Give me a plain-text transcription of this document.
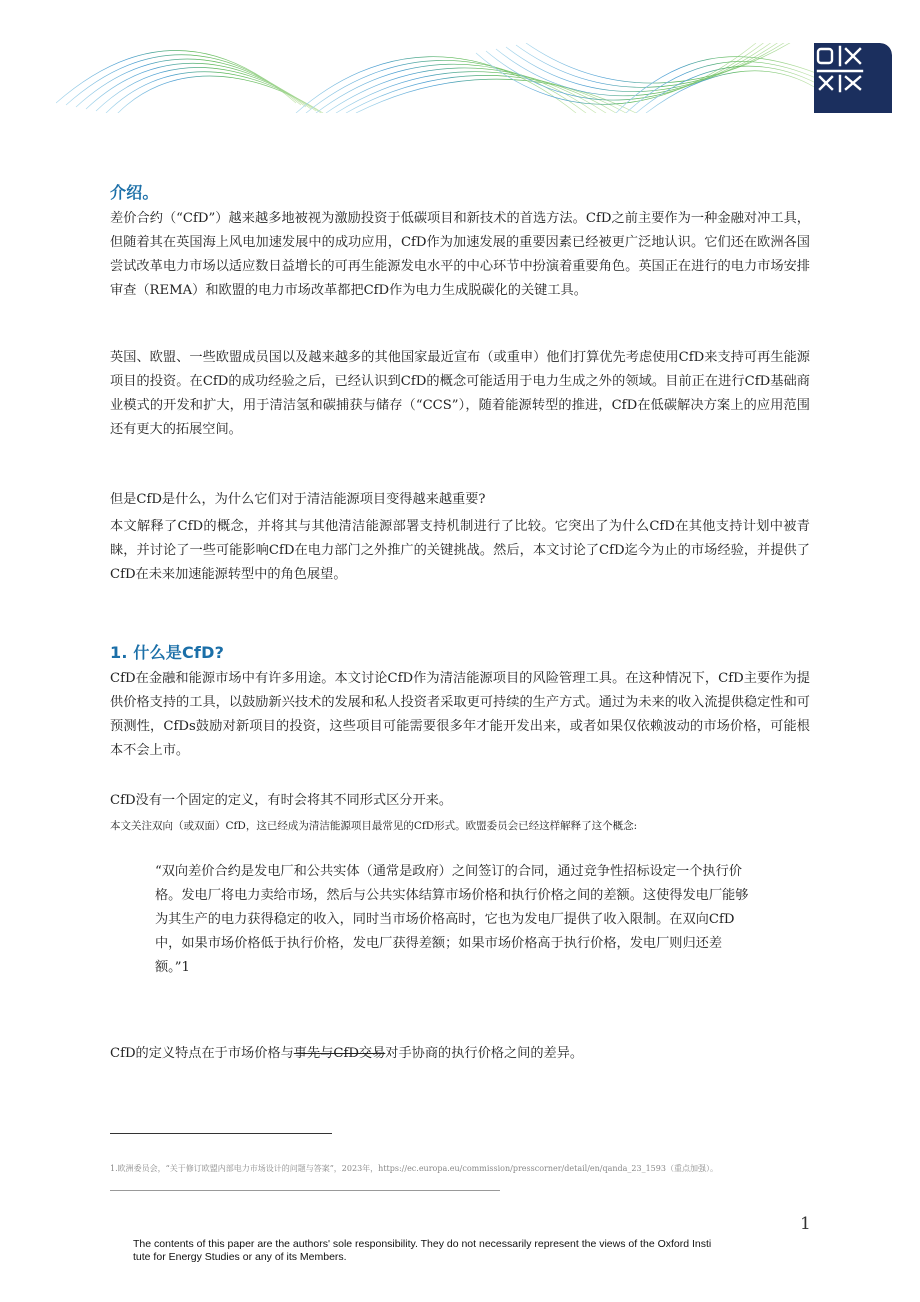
介绍。

差价合约（“CfD”）越来越多地被视为激励投资于低碳项目和新技术的首选方法。CfD之前主要作为一种金融对冲工具，但随着其在英国海上风电加速发展中的成功应用，CfD作为加速发展的重要因素已经被更广泛地认识。它们还在欧洲各国尝试改革电力市场以适应数日益增长的可再生能源发电水平的中心环节中扮演着重要角色。英国正在进行的电力市场安排审查（REMA）和欧盟的电力市场改革都把CfD作为电力生成脱碳化的关键工具。

英国、欧盟、一些欧盟成员国以及越来越多的其他国家最近宣布（或重申）他们打算优先考虑使用CfD来支持可再生能源项目的投资。在CfD的成功经验之后，已经认识到CfD的概念可能适用于电力生成之外的领域。目前正在进行CfD基础商业模式的开发和扩大，用于清洁氢和碳捕获与储存（“CCS”），随着能源转型的推进，CfD在低碳解决方案上的应用范围还有更大的拓展空间。

但是CfD是什么，为什么它们对于清洁能源项目变得越来越重要?

本文解释了CfD的概念，并将其与其他清洁能源部署支持机制进行了比较。它突出了为什么CfD在其他支持计划中被青睐，并讨论了一些可能影响CfD在电力部门之外推广的关键挑战。然后，本文讨论了CfD迄今为止的市场经验，并提供了CfD在未来加速能源转型中的角色展望。

1. 什么是CfD?

CfD在金融和能源市场中有许多用途。本文讨论CfD作为清洁能源项目的风险管理工具。在这种情况下，CfD主要作为提供价格支持的工具，以鼓励新兴技术的发展和私人投资者采取更可持续的生产方式。通过为未来的收入流提供稳定性和可预测性，CfDs鼓励对新项目的投资，这些项目可能需要很多年才能开发出来，或者如果仅依赖波动的市场价格，可能根本不会上市。

CfD没有一个固定的定义，有时会将其不同形式区分开来。

本文关注双向（或双面）CfD，这已经成为清洁能源项目最常见的CfD形式。欧盟委员会已经这样解释了这个概念:

“双向差价合约是发电厂和公共实体（通常是政府）之间签订的合同，通过竞争性招标设定一个执行价格。发电厂将电力卖给市场，然后与公共实体结算市场价格和执行价格之间的差额。这使得发电厂能够为其生产的电力获得稳定的收入，同时当市场价格高时，它也为发电厂提供了收入限制。在双向CfD中，如果市场价格低于执行价格，发电厂获得差额；如果市场价格高于执行价格，发电厂则归还差额。”1

CfD的定义特点在于市场价格与事先与CfD交易对手协商的执行价格之间的差异。

1.欧洲委员会，“关于修订欧盟内部电力市场设计的问题与答案”，2023年，https://ec.europa.eu/commission/presscorner/detail/en/qanda_23_1593（重点加强）。
1
The contents of this paper are the authors' sole responsibility. They do not necessarily represent the views of the Oxford Institute for Energy Studies or any of its Members.
